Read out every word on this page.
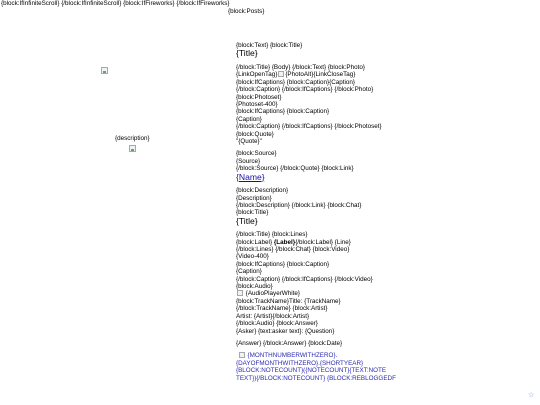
{block:IfInfiniteScroll} {/block:IfInfiniteScroll} {block:IfFireworks} {/block:IfFireworks}
{block:Posts}
{description}
{block:Text} {block:Title}
{Title}
{/block:Title} {Body} {/block:Text} {block:Photo}
{LinkOpenTag} {PhotoAlt}{LinkCloseTag}
{block:IfCaptions} {block:Caption}{Caption}
{/block:Caption} {/block:IfCaptions} {/block:Photo}
{block:Photoset}
{Photoset-400}
{block:IfCaptions} {block:Caption}
{Caption}
{/block:Caption} {/block:IfCaptions} {/block:Photoset}
{block:Quote}
"{Quote}"
{block:Source}
{Source}
{/block:Source} {/block:Quote} {block:Link}
{Name}
{block:Description}
{Description}
{/block:Description} {/block:Link} {block:Chat}
{block:Title}
{Title}
{/block:Title} {block:Lines}
{block:Label} {Label}{/block:Label} {Line}
{/block:Lines} {/block:Chat} {block:Video}
{Video-400}
{block:IfCaptions} {block:Caption}
{Caption}
{/block:Caption} {/block:IfCaptions} {/block:Video}
{block:Audio}
{AudioPlayerWhite}
{block:TrackName}Title: {TrackName}
{/block:TrackName} {block:Artist}
Artist: {Artist}{/block:Artist}
{/block:Audio} {block:Answer}
{Asker} {text:asker text}: {Question}
{Answer} {/block:Answer} {block:Date}
{MONTHNUMBERWITHZERO}.
{DAYOFMONTHWITHZERO}.{SHORTYEAR}
{BLOCK:NOTECOUNT}({NOTECOUNT}{TEXT:NOTE
TEXT}){/BLOCK:NOTECOUNT} {BLOCK:REBLOGGEDF
☆
